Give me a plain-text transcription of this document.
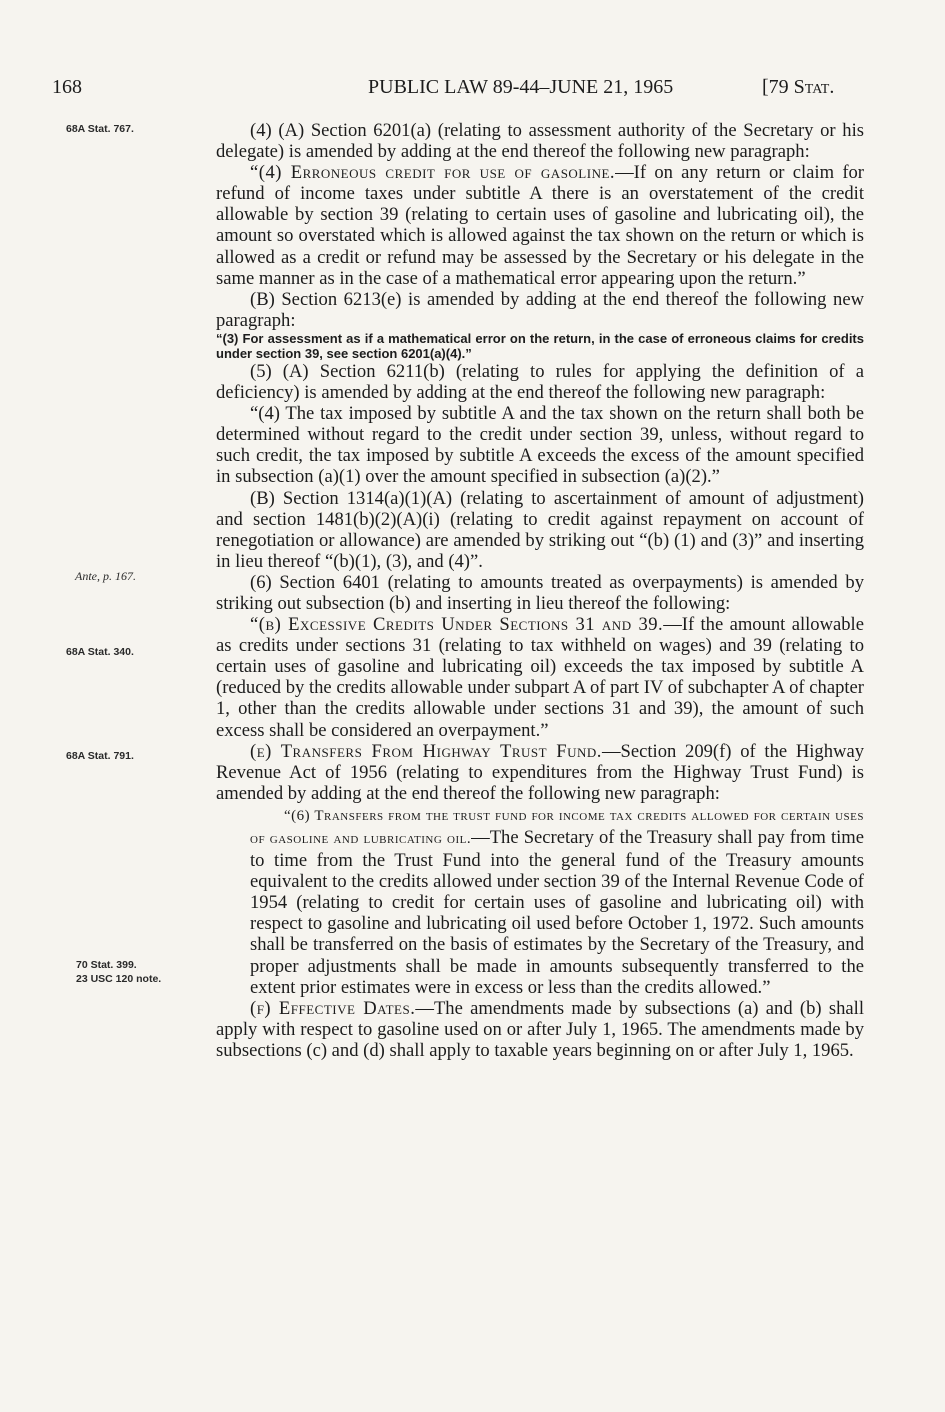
168	PUBLIC LAW 89-44–JUNE 21, 1965	[79 Stat.
68A Stat. 767.
Ante, p. 167.
68A Stat. 340.
68A Stat. 791.
70 Stat. 399.
23 USC 120 note.

(4) (A) Section 6201(a) (relating to assessment authority of the Secretary or his delegate) is amended by adding at the end thereof the following new paragraph:

“(4) Erroneous credit for use of gasoline.—If on any return or claim for refund of income taxes under subtitle A there is an overstatement of the credit allowable by section 39 (relating to certain uses of gasoline and lubricating oil), the amount so overstated which is allowed against the tax shown on the return or which is allowed as a credit or refund may be assessed by the Secretary or his delegate in the same manner as in the case of a mathematical error appearing upon the return.”

(B) Section 6213(e) is amended by adding at the end thereof the following new paragraph:

“(3) For assessment as if a mathematical error on the return, in the case of erroneous claims for credits under section 39, see section 6201(a)(4).”

(5) (A) Section 6211(b) (relating to rules for applying the definition of a deficiency) is amended by adding at the end thereof the following new paragraph:

“(4) The tax imposed by subtitle A and the tax shown on the return shall both be determined without regard to the credit under section 39, unless, without regard to such credit, the tax imposed by subtitle A exceeds the excess of the amount specified in subsection (a)(1) over the amount specified in subsection (a)(2).”

(B) Section 1314(a)(1)(A) (relating to ascertainment of amount of adjustment) and section 1481(b)(2)(A)(i) (relating to credit against repayment on account of renegotiation or allowance) are amended by striking out “(b) (1) and (3)” and inserting in lieu thereof “(b)(1), (3), and (4)”.

(6) Section 6401 (relating to amounts treated as overpayments) is amended by striking out subsection (b) and inserting in lieu thereof the following:

“(b) Excessive Credits Under Sections 31 and 39.—If the amount allowable as credits under sections 31 (relating to tax withheld on wages) and 39 (relating to certain uses of gasoline and lubricating oil) exceeds the tax imposed by subtitle A (reduced by the credits allowable under subpart A of part IV of subchapter A of chapter 1, other than the credits allowable under sections 31 and 39), the amount of such excess shall be considered an overpayment.”

(e) Transfers From Highway Trust Fund.—Section 209(f) of the Highway Revenue Act of 1956 (relating to expenditures from the Highway Trust Fund) is amended by adding at the end thereof the following new paragraph:

“(6) Transfers from the trust fund for income tax credits allowed for certain uses of gasoline and lubricating oil.—The Secretary of the Treasury shall pay from time to time from the Trust Fund into the general fund of the Treasury amounts equivalent to the credits allowed under section 39 of the Internal Revenue Code of 1954 (relating to credit for certain uses of gasoline and lubricating oil) with respect to gasoline and lubricating oil used before October 1, 1972. Such amounts shall be transferred on the basis of estimates by the Secretary of the Treasury, and proper adjustments shall be made in amounts subsequently transferred to the extent prior estimates were in excess or less than the credits allowed.”

(f) Effective Dates.—The amendments made by subsections (a) and (b) shall apply with respect to gasoline used on or after July 1, 1965. The amendments made by subsections (c) and (d) shall apply to taxable years beginning on or after July 1, 1965.
